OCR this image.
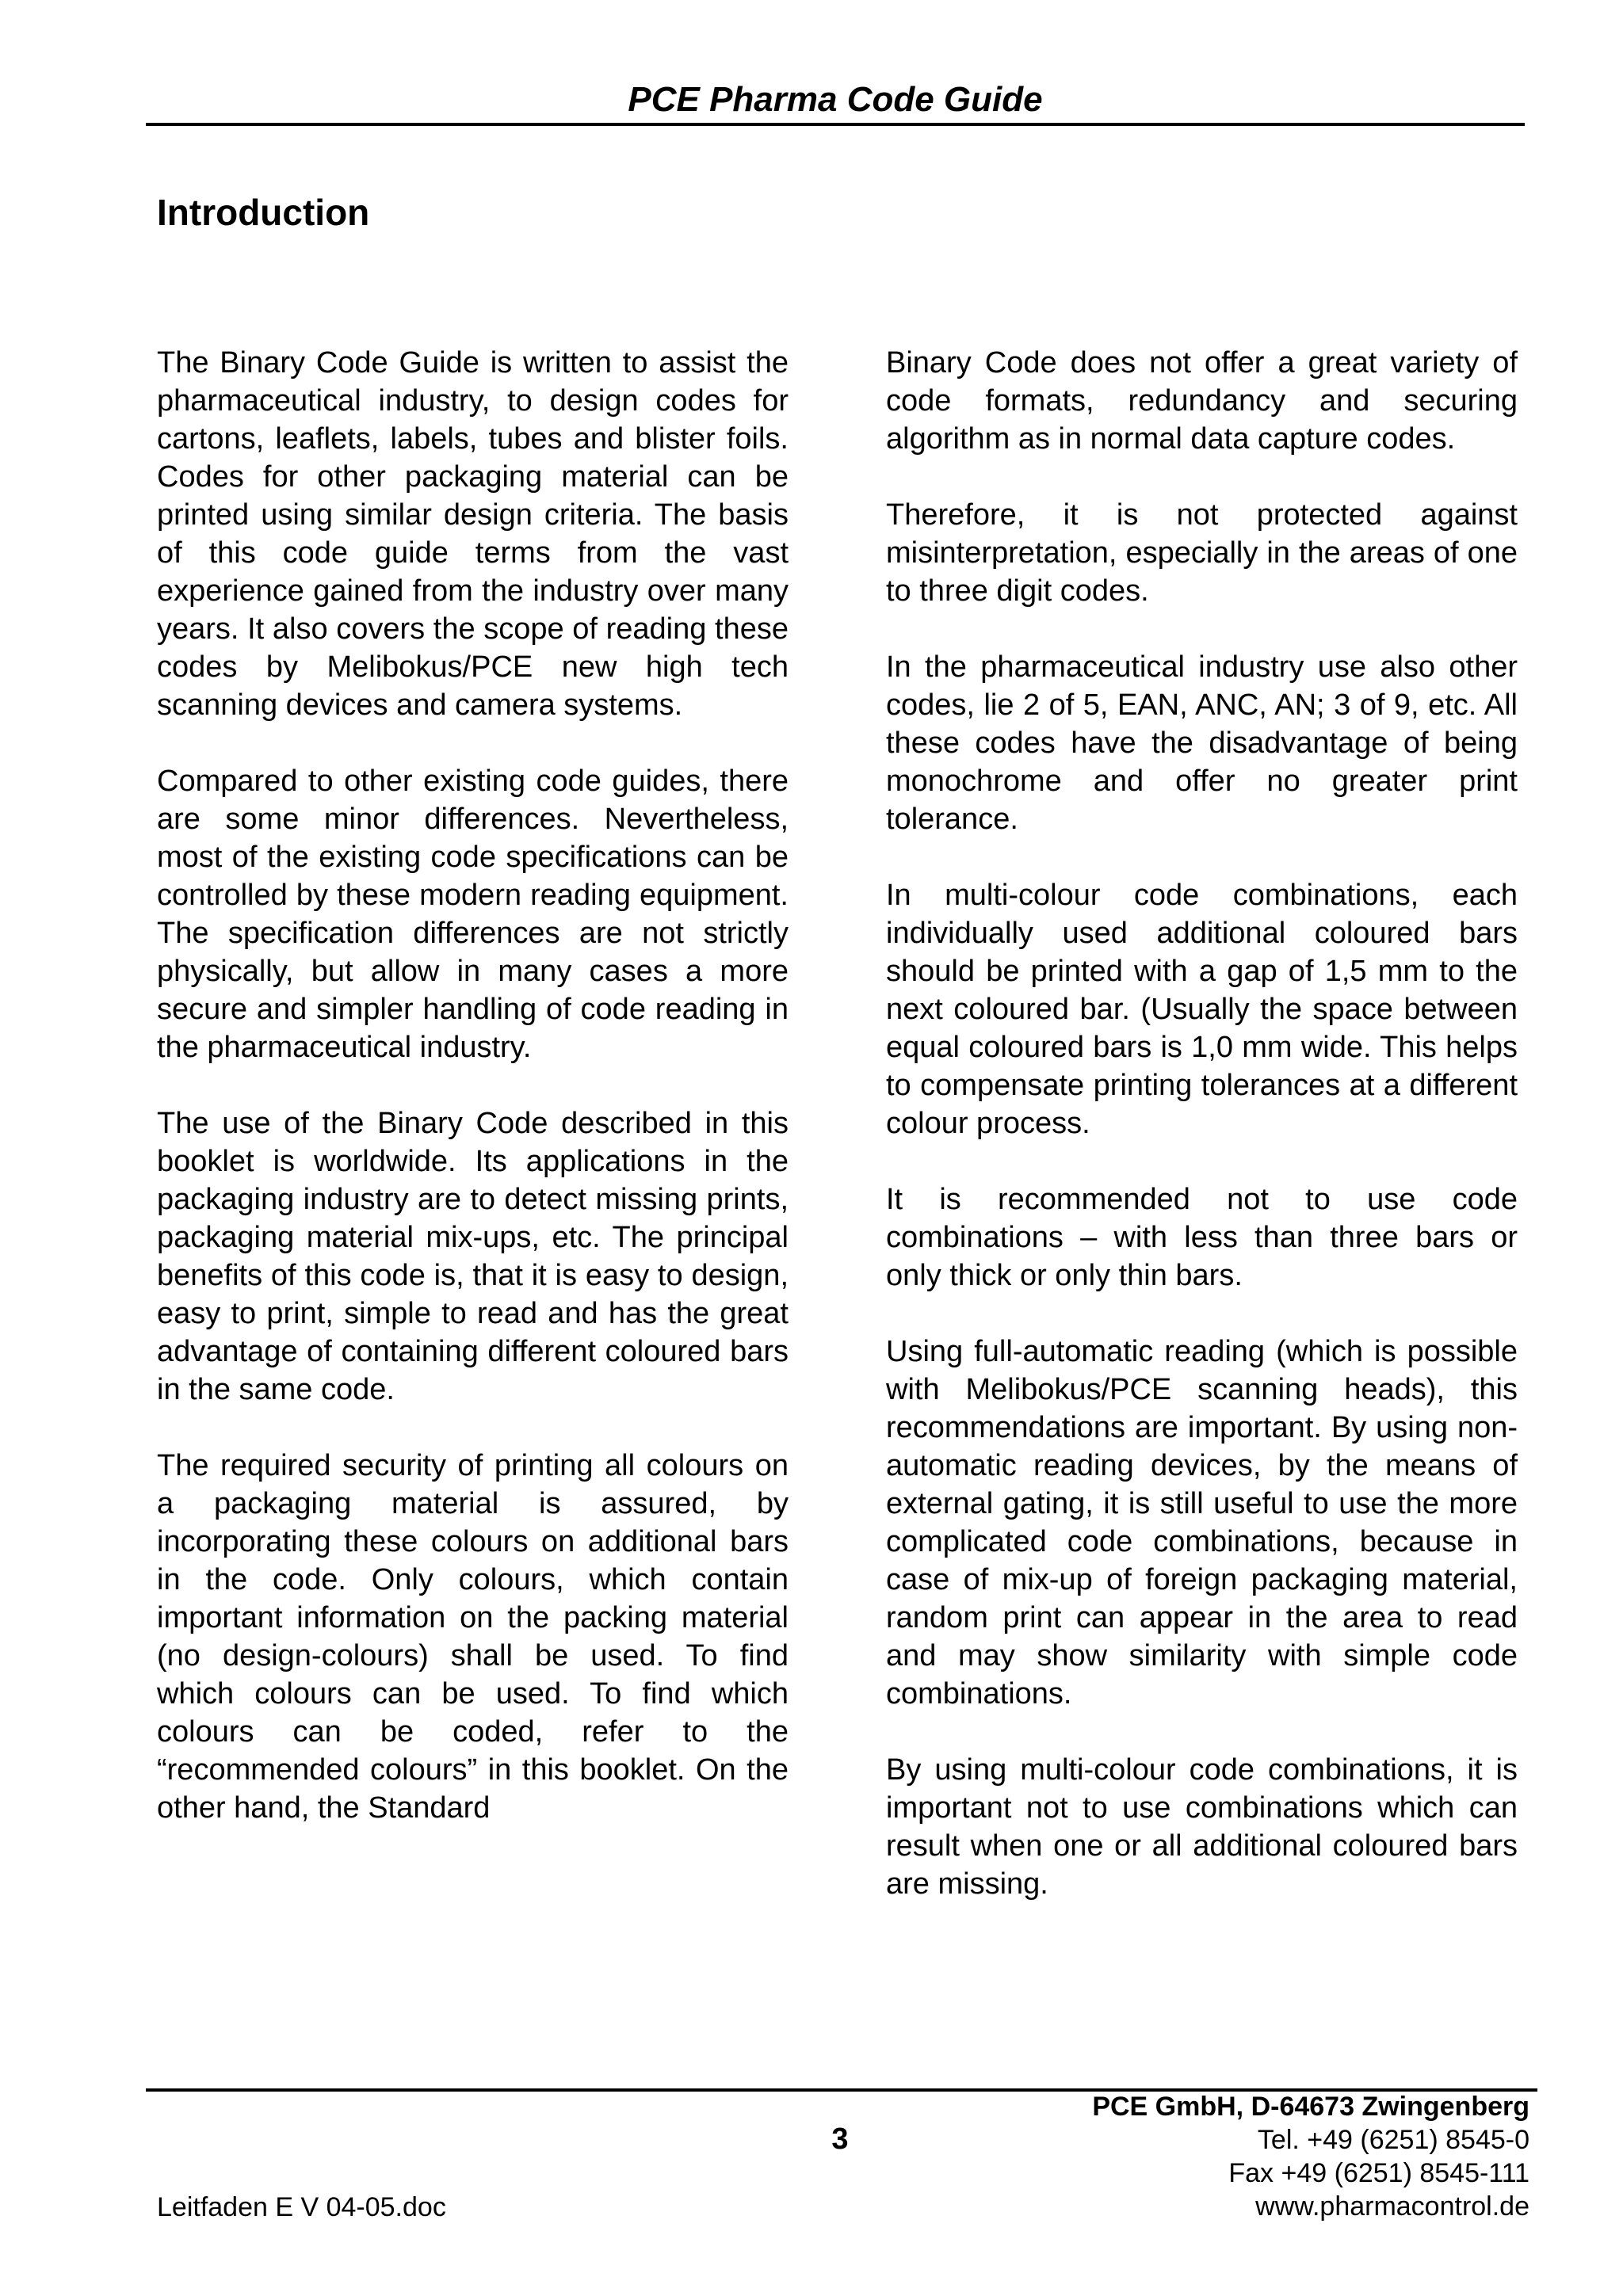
PCE Pharma Code Guide
Introduction

The Binary Code Guide is written to assist the pharmaceutical industry, to design codes for cartons, leaflets, labels, tubes and blister foils. Codes for other packaging material can be printed using similar design criteria. The basis of this code guide terms from the vast experience gained from the industry over many years. It also covers the scope of reading these codes by Melibokus/PCE new high tech scanning devices and camera systems.

Compared to other existing code guides, there are some minor differences. Nevertheless, most of the existing code specifications can be controlled by these modern reading equipment. The specification differences are not strictly physically, but allow in many cases a more secure and simpler handling of code reading in the pharmaceutical industry.

The use of the Binary Code described in this booklet is worldwide. Its applications in the packaging industry are to detect missing prints, packaging material mix-ups, etc. The principal benefits of this code is, that it is easy to design, easy to print, simple to read and has the great advantage of containing different coloured bars in the same code.

The required security of printing all colours on a packaging material is assured, by incorporating these colours on additional bars in the code. Only colours, which contain important information on the packing material (no design-colours) shall be used. To find which colours can be used. To find which colours can be coded, refer to the “recommended colours” in this booklet. On the other hand, the Standard

Binary Code does not offer a great variety of code formats, redundancy and securing algorithm as in normal data capture codes.

Therefore, it is not protected against misinterpretation, especially in the areas of one to three digit codes.

In the pharmaceutical industry use also other codes, lie 2 of 5, EAN, ANC, AN; 3 of 9, etc. All these codes have the disadvantage of being monochrome and offer no greater print tolerance.

In multi-colour code combinations, each individually used additional coloured bars should be printed with a gap of 1,5 mm to the next coloured bar. (Usually the space between equal coloured bars is 1,0 mm wide. This helps to compensate printing tolerances at a different colour process.

It is recommended not to use code combinations – with less than three bars or only thick or only thin bars.

Using full-automatic reading (which is possible with Melibokus/PCE scanning heads), this recommendations are important. By using non-automatic reading devices, by the means of external gating, it is still useful to use the more complicated code combinations, because in case of mix-up of foreign packaging material, random print can appear in the area to read and may show similarity with simple code combinations.

By using multi-colour code combinations, it is important not to use combinations which can result when one or all additional coloured bars are missing.

3
Leitfaden E V 04-05.doc
PCE GmbH, D-64673 Zwingenberg
Tel. +49 (6251) 8545-0
Fax +49 (6251) 8545-111
www.pharmacontrol.de
